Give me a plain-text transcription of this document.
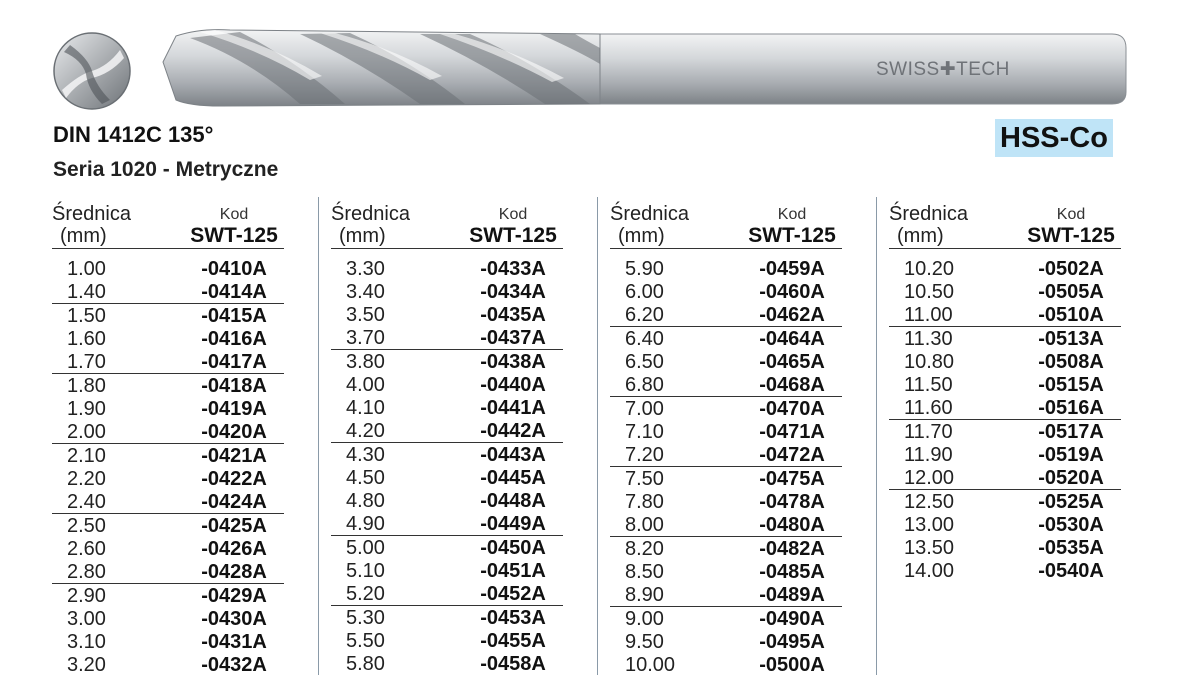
SWISS✚TECH
DIN 1412C 135°
Seria 1020 - Metryczne
HSS-Co
Średnica
(mm)
Kod
SWT-125
1.00	-0410A
1.40	-0414A
1.50	-0415A
1.60	-0416A
1.70	-0417A
1.80	-0418A
1.90	-0419A
2.00	-0420A
2.10	-0421A
2.20	-0422A
2.40	-0424A
2.50	-0425A
2.60	-0426A
2.80	-0428A
2.90	-0429A
3.00	-0430A
3.10	-0431A
3.20	-0432A
Średnica
(mm)
Kod
SWT-125
3.30	-0433A
3.40	-0434A
3.50	-0435A
3.70	-0437A
3.80	-0438A
4.00	-0440A
4.10	-0441A
4.20	-0442A
4.30	-0443A
4.50	-0445A
4.80	-0448A
4.90	-0449A
5.00	-0450A
5.10	-0451A
5.20	-0452A
5.30	-0453A
5.50	-0455A
5.80	-0458A
Średnica
(mm)
Kod
SWT-125
5.90	-0459A
6.00	-0460A
6.20	-0462A
6.40	-0464A
6.50	-0465A
6.80	-0468A
7.00	-0470A
7.10	-0471A
7.20	-0472A
7.50	-0475A
7.80	-0478A
8.00	-0480A
8.20	-0482A
8.50	-0485A
8.90	-0489A
9.00	-0490A
9.50	-0495A
10.00	-0500A
Średnica
(mm)
Kod
SWT-125
10.20	-0502A
10.50	-0505A
11.00	-0510A
11.30	-0513A
10.80	-0508A
11.50	-0515A
11.60	-0516A
11.70	-0517A
11.90	-0519A
12.00	-0520A
12.50	-0525A
13.00	-0530A
13.50	-0535A
14.00	-0540A
